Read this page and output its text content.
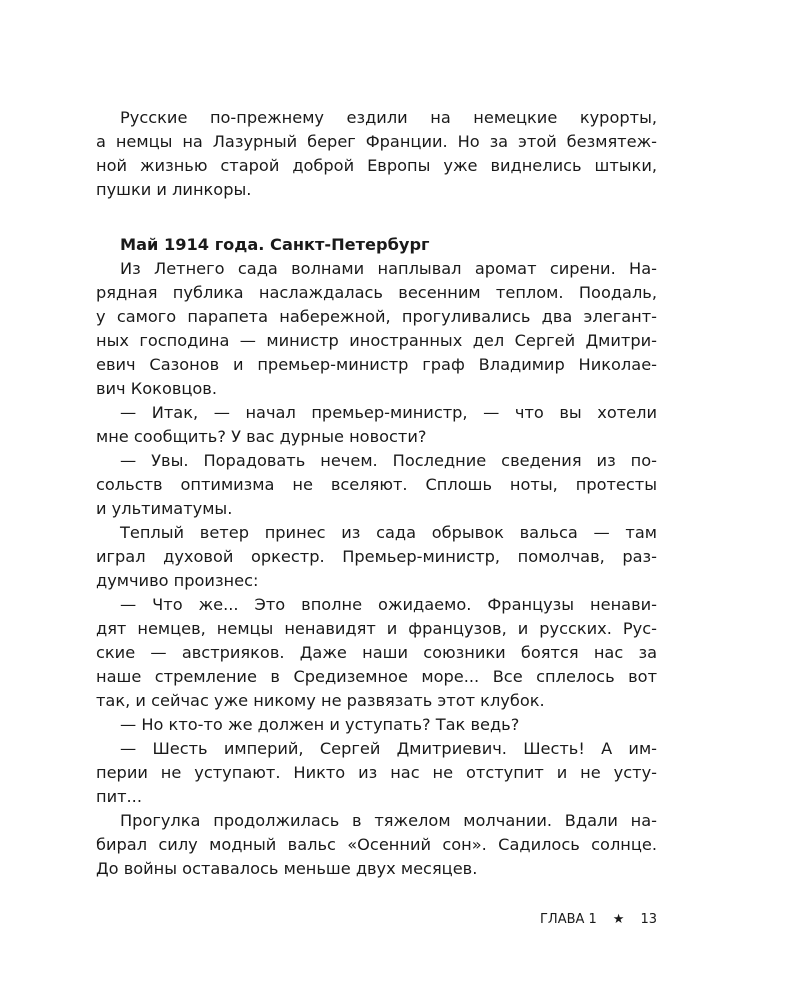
Русские по-прежнему ездили на немецкие курорты,
а немцы на Лазурный берег Франции. Но за этой безмятеж-
ной жизнью старой доброй Европы уже виднелись штыки,
пушки и линкоры.
Май 1914 года. Санкт-Петербург
Из Летнего сада волнами наплывал аромат сирени. На-
рядная публика наслаждалась весенним теплом. Поодаль,
у самого парапета набережной, прогуливались два элегант-
ных господина — министр иностранных дел Сергей Дмитри-
евич Сазонов и премьер-министр граф Владимир Николае-
вич Коковцов.
— Итак, — начал премьер-министр, — что вы хотели
мне сообщить? У вас дурные новости?
— Увы. Порадовать нечем. Последние сведения из по-
сольств оптимизма не вселяют. Сплошь ноты, протесты
и ультиматумы.
Теплый ветер принес из сада обрывок вальса — там
играл духовой оркестр. Премьер-министр, помолчав, раз-
думчиво произнес:
— Что же... Это вполне ожидаемо. Французы ненави-
дят немцев, немцы ненавидят и французов, и русских. Рус-
ские — австрияков. Даже наши союзники боятся нас за
наше стремление в Средиземное море... Все сплелось вот
так, и сейчас уже никому не развязать этот клубок.
— Но кто-то же должен и уступать? Так ведь?
— Шесть империй, Сергей Дмитриевич. Шесть! А им-
перии не уступают. Никто из нас не отступит и не усту-
пит...
Прогулка продолжилась в тяжелом молчании. Вдали на-
бирал силу модный вальс «Осенний сон». Садилось солнце.
До войны оставалось меньше двух месяцев.
ГЛАВА 1 ★ 13
